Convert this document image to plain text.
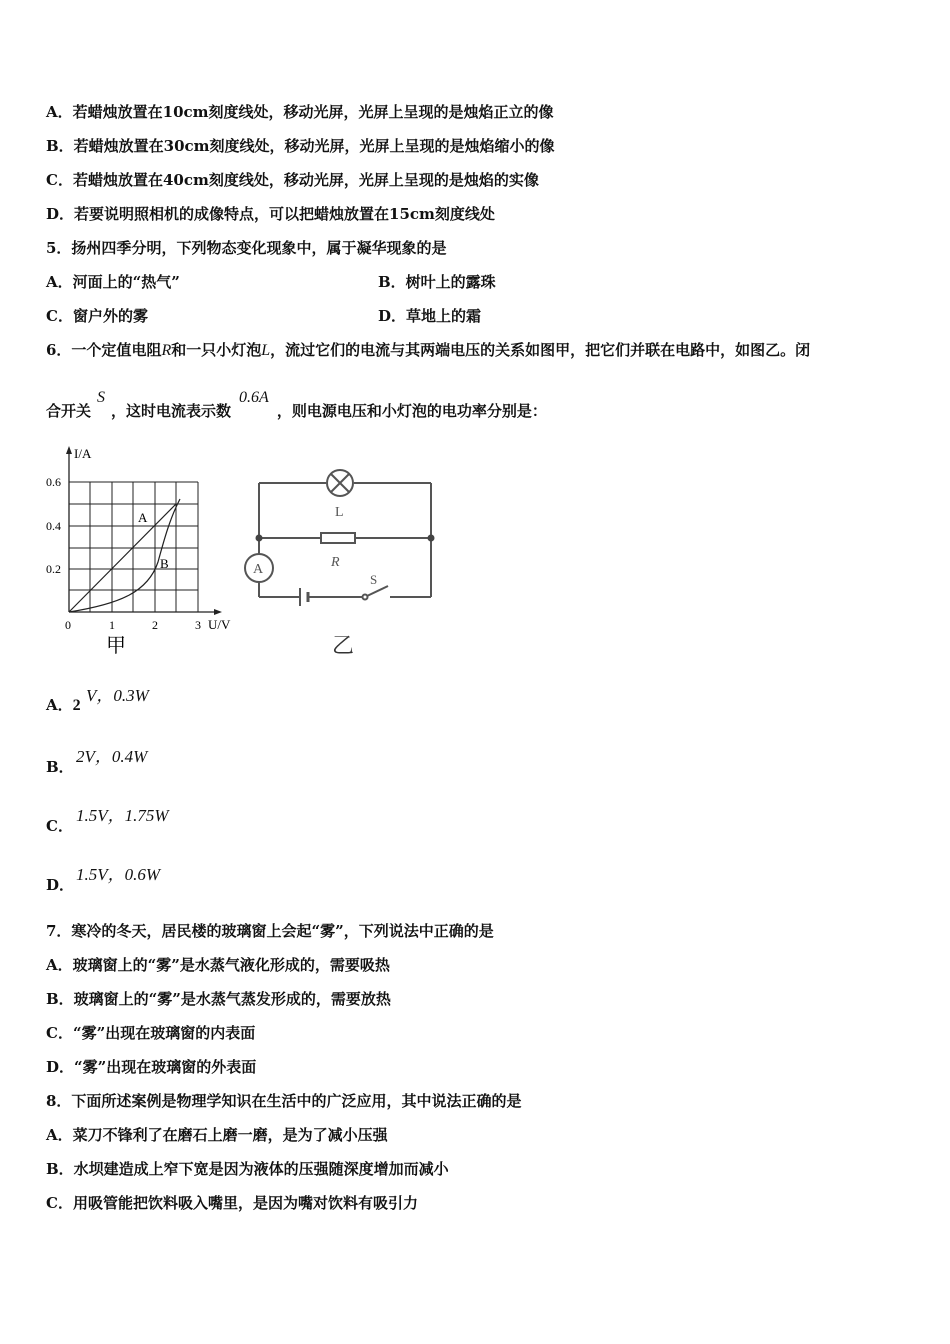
A．若蜡烛放置在10cm刻度线处，移动光屏，光屏上呈现的是烛焰正立的像
B．若蜡烛放置在30cm刻度线处，移动光屏，光屏上呈现的是烛焰缩小的像
C．若蜡烛放置在40cm刻度线处，移动光屏，光屏上呈现的是烛焰的实像
D．若要说明照相机的成像特点，可以把蜡烛放置在15cm刻度线处
5．扬州四季分明，下列物态变化现象中，属于凝华现象的是
A．河面上的“热气”	B．树叶上的露珠
C．窗户外的雾	D．草地上的霜
6．一个定值电阻R和一只小灯泡L，流过它们的电流与其两端电压的关系如图甲，把它们并联在电路中，如图乙。闭
合开关S，这时电流表示数0.6A，则电源电压和小灯泡的电功率分别是：
I/A
U/V
0.6
0.4
0.2
0	1	2	3
A
B
甲
L
R
A
S
乙
A．2
V，0.3W
B．
2V，0.4W
C．
1.5V，1.75W
D．
1.5V，0.6W
7．寒冷的冬天，居民楼的玻璃窗上会起“雾”，下列说法中正确的是
A．玻璃窗上的“雾”是水蒸气液化形成的，需要吸热
B．玻璃窗上的“雾”是水蒸气蒸发形成的，需要放热
C．“雾”出现在玻璃窗的内表面
D．“雾”出现在玻璃窗的外表面
8．下面所述案例是物理学知识在生活中的广泛应用，其中说法正确的是
A．菜刀不锋利了在磨石上磨一磨，是为了减小压强
B．水坝建造成上窄下宽是因为液体的压强随深度增加而减小
C．用吸管能把饮料吸入嘴里，是因为嘴对饮料有吸引力
